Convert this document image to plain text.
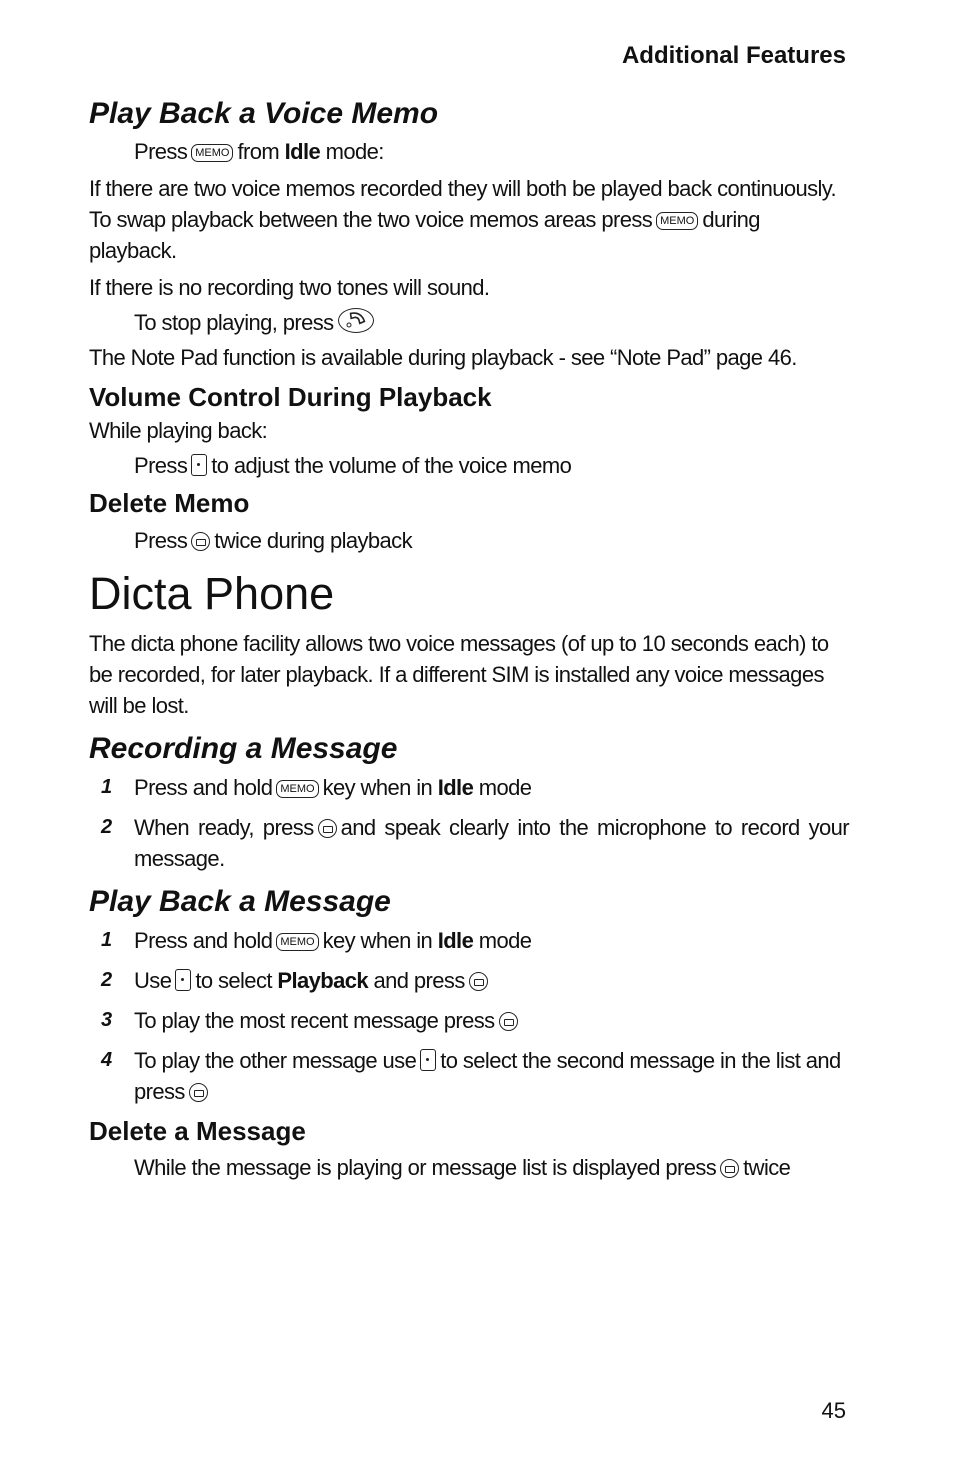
Additional Features
Play Back a Voice Memo

Press MEMO from Idle mode:

If there are two voice memos recorded they will both be played back continuously. To swap playback between the two voice memos areas press MEMO during playback.

If there is no recording two tones will sound.

To stop playing, press

The Note Pad function is available during playback - see “Note Pad” page 46.

Volume Control During Playback

While playing back:

Press to adjust the volume of the voice memo

Delete Memo

Press twice during playback

Dicta Phone

The dicta phone facility allows two voice messages (of up to 10 seconds each) to be recorded, for later playback. If a different SIM is installed any voice messages will be lost.

Recording a Message
1 Press and hold MEMO key when in Idle mode

2 When ready, press and speak clearly into the microphone to record your message.

Play Back a Message
1 Press and hold MEMO key when in Idle mode

2 Use to select Playback and press

3 To play the most recent message press

4 To play the other message use to select the second message in the list and press

Delete a Message

While the message is playing or message list is displayed press twice

45
